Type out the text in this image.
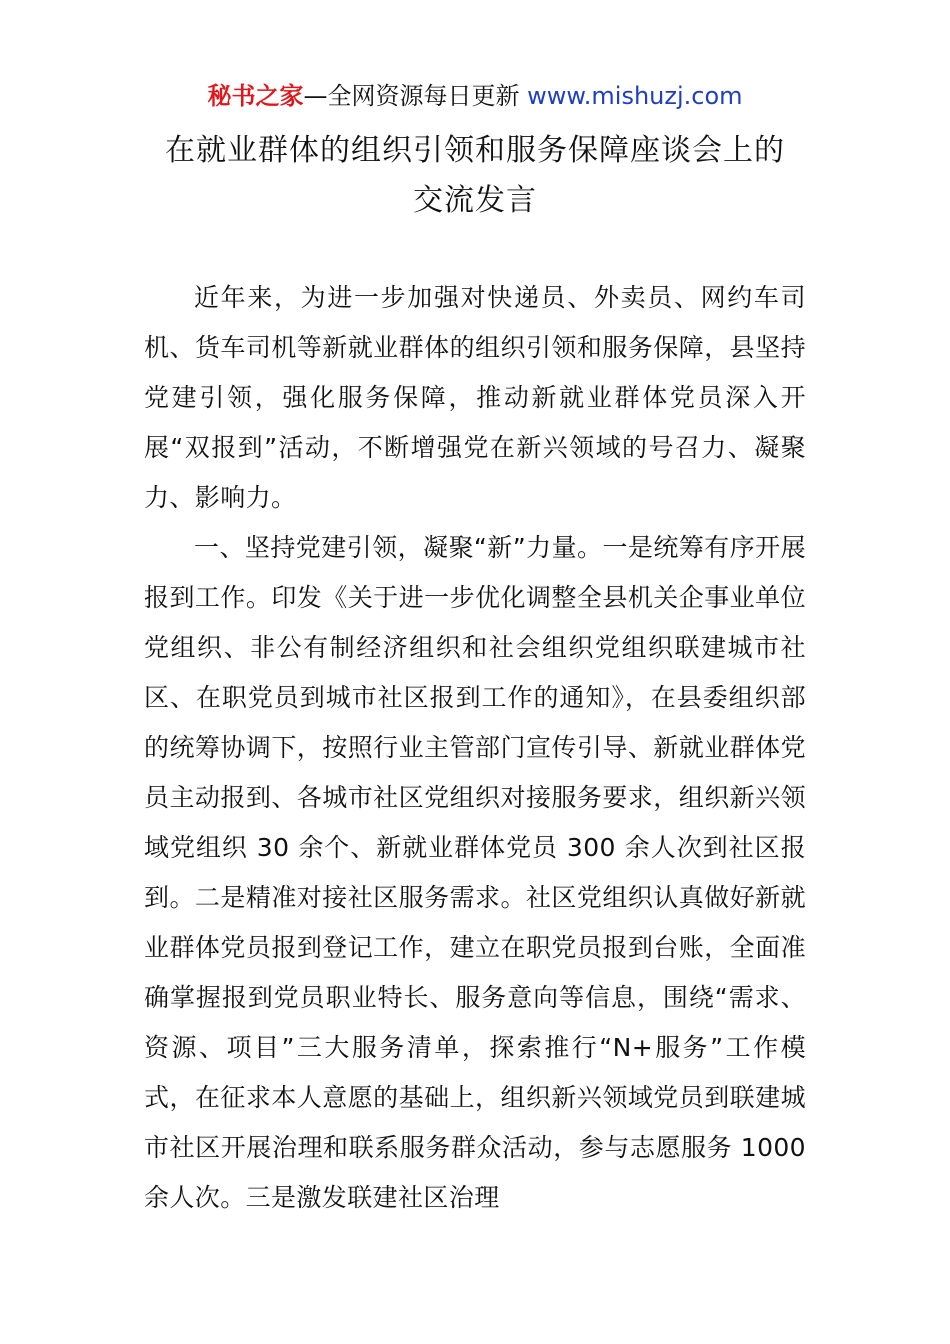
秘书之家—全网资源每日更新 www.mishuzj.com
在就业群体的组织引领和服务保障座谈会上的
交流发言

近年来，为进一步加强对快递员、外卖员、网约车司机、货车司机等新就业群体的组织引领和服务保障，县坚持党建引领，强化服务保障，推动新就业群体党员深入开展“双报到”活动，不断增强党在新兴领域的号召力、凝聚力、影响力。

一、坚持党建引领，凝聚“新”力量。一是统筹有序开展报到工作。印发《关于进一步优化调整全县机关企事业单位党组织、非公有制经济组织和社会组织党组织联建城市社区、在职党员到城市社区报到工作的通知》，在县委组织部的统筹协调下，按照行业主管部门宣传引导、新就业群体党员主动报到、各城市社区党组织对接服务要求，组织新兴领域党组织 30 余个、新就业群体党员 300 余人次到社区报到。二是精准对接社区服务需求。社区党组织认真做好新就业群体党员报到登记工作，建立在职党员报到台账，全面准确掌握报到党员职业特长、服务意向等信息，围绕“需求、资源、项目”三大服务清单，探索推行“N+服务”工作模式，在征求本人意愿的基础上，组织新兴领域党员到联建城市社区开展治理和联系服务群众活动，参与志愿服务 1000 余人次。三是激发联建社区治理
